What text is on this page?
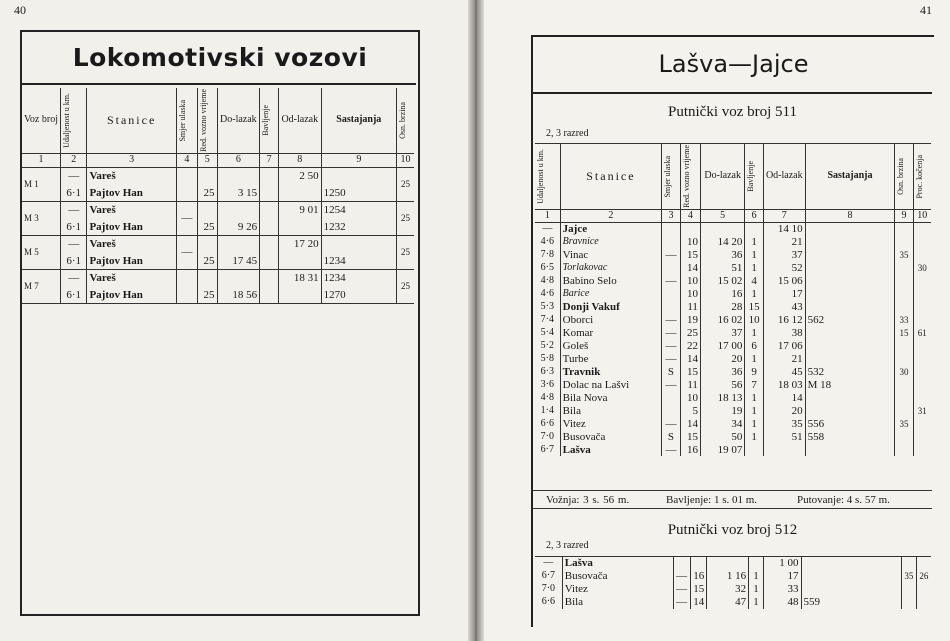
40
Lokomotivski vozovi
Voz broj	Udaljenost u km.	Stanice	Smjer ulaska	Red. vozno vrijeme	Do-lazak	Bavljenje	Od-lazak	Sastajanja	Osn. brzina

1	2	3	4	5	6	7	8	9	10
M 1	—	Vareš					2 50		25
	6·1	Pajtov Han		25	3 15			1250	
M 3	—	Vareš	—				9 01	1254	25
	6·1	Pajtov Han		25	9 26			1232	
M 5	—	Vareš	—				17 20		25
	6·1	Pajtov Han		25	17 45			1234	
M 7	—	Vareš					18 31	1234	25
	6·1	Pajtov Han		25	18 56			1270	
41
Lašva—Jajce
Putnički voz broj 511
2, 3 razred
Udaljenost u km.	Stanice	Smjer ulaska	Red. vozno vrijeme	Do-lazak	Bavljenje	Od-lazak	Sastajanja	Osn. brzina	Proc. kočenja

1	2	3	4	5	6	7	8	9	10
—	Jajce					14 10			
4·6	Bravnice		10	14 20	1	21			
7·8	Vinac	—	15	36	1	37		35	
6·5	Torlakovac		14	51	1	52			30
4·8	Babino Selo	—	10	15 02	4	15 06			
4·6	Barice		10	16	1	17			
5·3	Donji Vakuf		11	28	15	43			
7·4	Oborci	—	19	16 02	10	16 12	562	33	
5·4	Komar	—	25	37	1	38		15	61
5·2	Goleš	—	22	17 00	6	17 06			
5·8	Turbe	—	14	20	1	21			
6·3	Travnik	S	15	36	9	45	532	30	
3·6	Dolac na Lašvi	—	11	56	7	18 03	M 18		
4·8	Bila Nova		10	18 13	1	14			
1·4	Bila		5	19	1	20			31
6·6	Vitez	—	14	34	1	35	556	35	
7·0	Busovača	S	15	50	1	51	558		
6·7	Lašva	—	16	19 07					
Vožnja: 3 s. 56 m.	Bavljenje: 1 s. 01 m.	Putovanje: 4 s. 57 m.
Putnički voz broj 512
2, 3 razred
—	Lašva					1 00			
6·7	Busovača	—	16	1 16	1	17		35	26
7·0	Vitez	—	15	32	1	33			
6·6	Bila	—	14	47	1	48	559		
